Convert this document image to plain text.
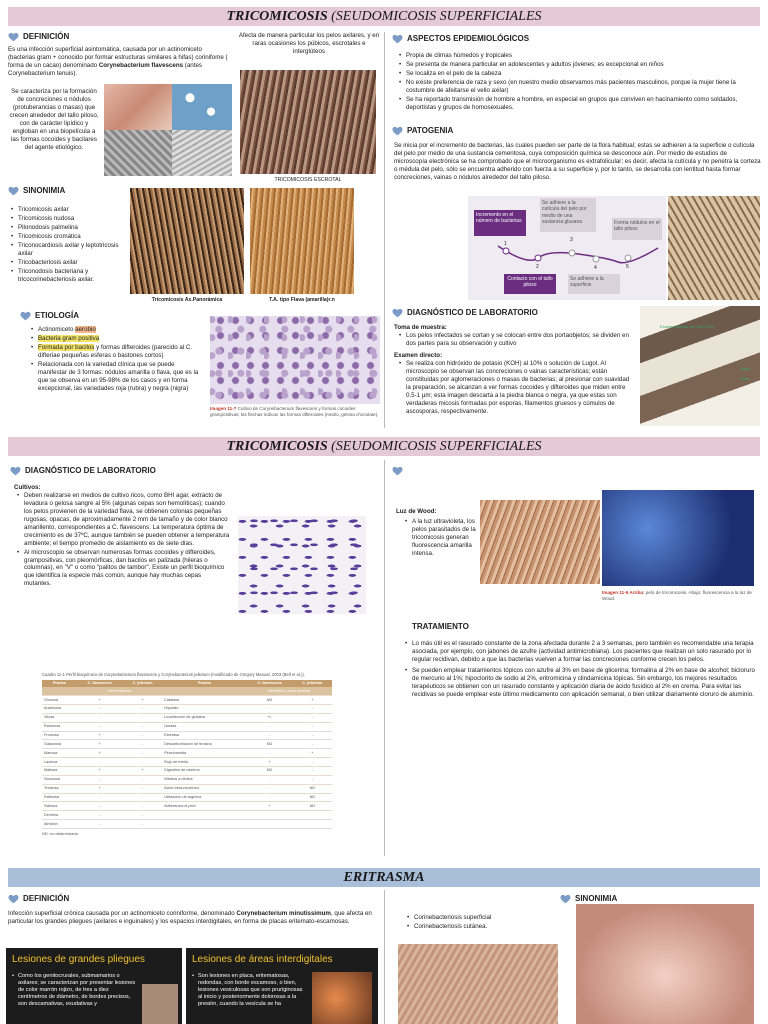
TRICOMICOSIS (SEUDOMICOSIS SUPERFICIALES
DEFINICIÓN

Es una infección superficial asintomática, causada por un actinomiceto (bacterias gram + conocido por formar estructuras similares a hifas) corinifome ( forma de un cacao) denominado Corynebacterium flavescens (antes Corynebacterium tenuis).

Se caracteriza por la formación de concreciones o nódulos (protuberancias o masas) que crecen alrededor del tallo piloso, con de carácter lipídico y engloban en una biopelícula a las formas cocoides y bacilares del agente etiológico.

Afecta de manera particular los pelos axilares, y en raras ocasiones los púbicos, escrotales e interglúteos

TRICOMICOSIS ESCROTAL
SINONIMIA
• Tricomicosis axilar
• Tricomicosis nudosa
• Pilonodosis palmelina
• Tricomicosis cromática
• Triconocardiosis axilar y leptotricosis axilar
• Tricobacteriosis axilar
• Triconodosis bacteriana y tricocorinebacteriosis axilar.
Tricomicosis Ax.Panorámica	T.A. tipo Flava (amarilla)r.n
ETIOLOGÍA
• Actinomiceto aerobio
• Bacteria gram positiva
• Formada por bacilos y formas difteroides (parecido al C. difteriae pequeñas esferas o bastones cortos)
• Relacionada con la variedad clínica que se puede manifestar de 3 formas: nódulos amarilla o flava, que es la que se observa en un 95-98% de los casos y en forma excepcional, las variedades roja (rubra) y negra (nigra)

Imagen 11-7 Cultivo de Corynebacterium flavescens y formas cocoides grampositivas; las flechas indican las formas difteroides (medio, gelosa chocolate).

ASPECTOS EPIDEMIOLÓGICOS
• Propia de climas húmedos y tropicales
• Se presenta de manera particular en adolescentes y adultos jóvenes; es excepcional en niños
• Se localiza en el pelo de la cabeza
• No existe preferencia de raza y sexo (en nuestro medio observamos más pacientes masculinos, porque la mujer tiene la costumbre de afeitarse el vello axilar)
• Se ha reportado transmisión de hombre a hombre, en especial en grupos que conviven en hacinamiento como soldados, deportistas y grupos de homosexuales.
PATOGENIA

Se inicia por el incremento de bacterias, las cuales pueden ser parte de la flora habitual; estas se adhieren a la superficie o cutícula del pelo por medio de una sustancia cementosa, cuya composición química se desconoce aún. Por medio de estudios de microscopía electrónica se ha comprobado que el microorganismo es extrafolicular; es decir, afecta la cutícula y no penetra la corteza o médula del pelo, sólo se encuentra adherido con fuerza a su superficie y, por lo tanto, se desarrolla con lentitud hasta formar concreciones, vainas o nódulos alrededor del tallo piloso.

Incremento en el número de bacterias
Se adhiere a la cutícula del pelo por medio de una sustancia glusana	Forma nódulos en el tallo piloso
Contacto con el tallo piloso
Se adhiere a la superficie
1
2
3
4	5
DIAGNÓSTICO DE LABORATORIO
Toma de muestra:
• Los pelos infectados se cortan y se colocan entre dos portaobjetos; se dividen en dos partes para su observación y cultivo
Examen directo:
• Se realiza con hidróxido de potasio (KOH) al 10% o solución de Lugol. Al microscopio se observan las concreciones o vainas características; están constituidas por aglomeraciones o masas de bacterias; al presionar con suavidad la preparación, se alcanzan a ver formas cocoides y difteroides que miden entre 0.5-1 μm; esta imagen descarta a la piedra blanca o negra, ya que estas son verdaderas micosis formadas por esporas, filamentos gruesos y cúmulos de ascosporas, respectivamente.
Examen directo con KOH 10%
Vaina
Hifas
TRICOMICOSIS (SEUDOMICOSIS SUPERFICIALES
DIAGNÓSTICO DE LABORATORIO
Cultivos:
• Deben realizarse en medios de cultivo ricos, como BHI agar, extracto de levadura o gelosa sangre al 5% (algunas cepas son hemolíticas); cuando los pelos provienen de la variedad flava, se obtienen colonias pequeñas rugosas, opacas, de aproximadamente 2 mm de tamaño y de color blanco amarillento, correspondientes a C. flavescens. La temperatura óptima de crecimiento es de 37ºC, aunque también se pueden obtener a temperatura ambiente; el tiempo promedio de aislamiento es de siete días.
• Al microscopio se observan numerosas formas cocoides y difteroides, grampositivas, con pleomórficas, dan bacilos en palizada (hileras o columnas), en "V" o como "palitos de tambor". Existe un perfil bioquímico que identifica la especie más común, aunque hay muchas cepas mutantes.
Cuadro 11-1 Perfil bioquímico de Corynebacterium flavescens y Corynebacterium jeikeium (modificado de Gregory Manual, 2003 (Bell et al.)).
Prueba	C. flavescens	C. jeikeium	Prueba	C. flavescens	C. jeikeium
	Fermentación			Hidrólisis y otras pruebas	
Glucosa	+	+	Catalasa	ND	+
Arabinosa	-	-	Hipurato	-	-
Xilosa	-	-	Licuefacción de gelatina	+/-	-
Ramnosa	-	-	Ureasa	-	-
Fructosa	+	-	Esterasa	-	-
Galactosa	+	-	Descarboxilación de tirosina	ND	-
Manosa	+	-	Pirazinamida	-	+
Lactosa	-	-	Rojo de metilo	+	-
Maltosa	+	+	Digestión de caseína	ND	-
Sacarosa	-	-	Nitratos a nitritos	-	-
Trealosa	+	-	Ácido beta-nicotínico	-	ND
Rafinosa	-	-	Utilización de arginina	-	ND
Salicina	-	-	Adherencia al pelo	+	ND
Dextrina	-	-			
Almidón	-	-			
ND: no determinado.
Luz de Wood:
• A la luz ultravioleta, los pelos parasitados de la tricomicosis generan fluorescencia amarilla intensa.

Imagen 11-6 Arriba: pelo de tricomicosis. Abajo: fluorescencia a la luz de Wood.

TRATAMIENTO
• Lo más útil es el rasurado constante de la zona afectada durante 2 a 3 semanas, pero también es recomendable una terapia asociada, por ejemplo, con jabones de azufre (actividad antimicrobiana). Los pacientes que realizan un solo rasurado por lo regular recidivan, debido a que las bacterias vuelven a formar las concreciones conforme crecen los pelos.
• Se pueden emplear tratamientos tópicos con azufre al 3% en base de glicerina; formalina al 2% en base de alcohol; bicloruro de mercurio al 1%; hipoclorito de sodio al 2%, eritromicina y clindamicina tópicas. Sin embargo, los mejores resultados terapéuticos se obtienen con un rasurado constante y aplicación diaria de ácido fusídico al 2% en crema. Para evitar las recidivas se puede emplear este último medicamento con aplicación semanal, o bien utilizar diariamente cloruro de aluminio.
ERITRASMA
DEFINICIÓN

Infección superficial crónica causada por un actinomiceto coriniforme, denominado Corynebacterium minutissimum, que afecta en particular los grandes pliegues (axilares e inguinales) y los espacios interdigitales, en forma de placas eritemato-escamosas.

Lesiones de grandes pliegues
• Como los genitocrurales, submamarios o axilares; se caracterizan por presentar lesiones de color marrón rojizo, de tres a diez centímetros de diámetro, de bordes precisos, son descamativas, exudativas y
Lesiones de áreas interdigitales
• Son lesiones en placa, eritematosas, redondas, con borde escamoso, o bien, lesiones vesiculosas que son pruriginosas al inicio y posteriormente dolorosas a la presión, cuando la vesícula se ha
SINONIMIA
• Corinebacteriosis superficial
• Corinebacteriosis cutánea.
